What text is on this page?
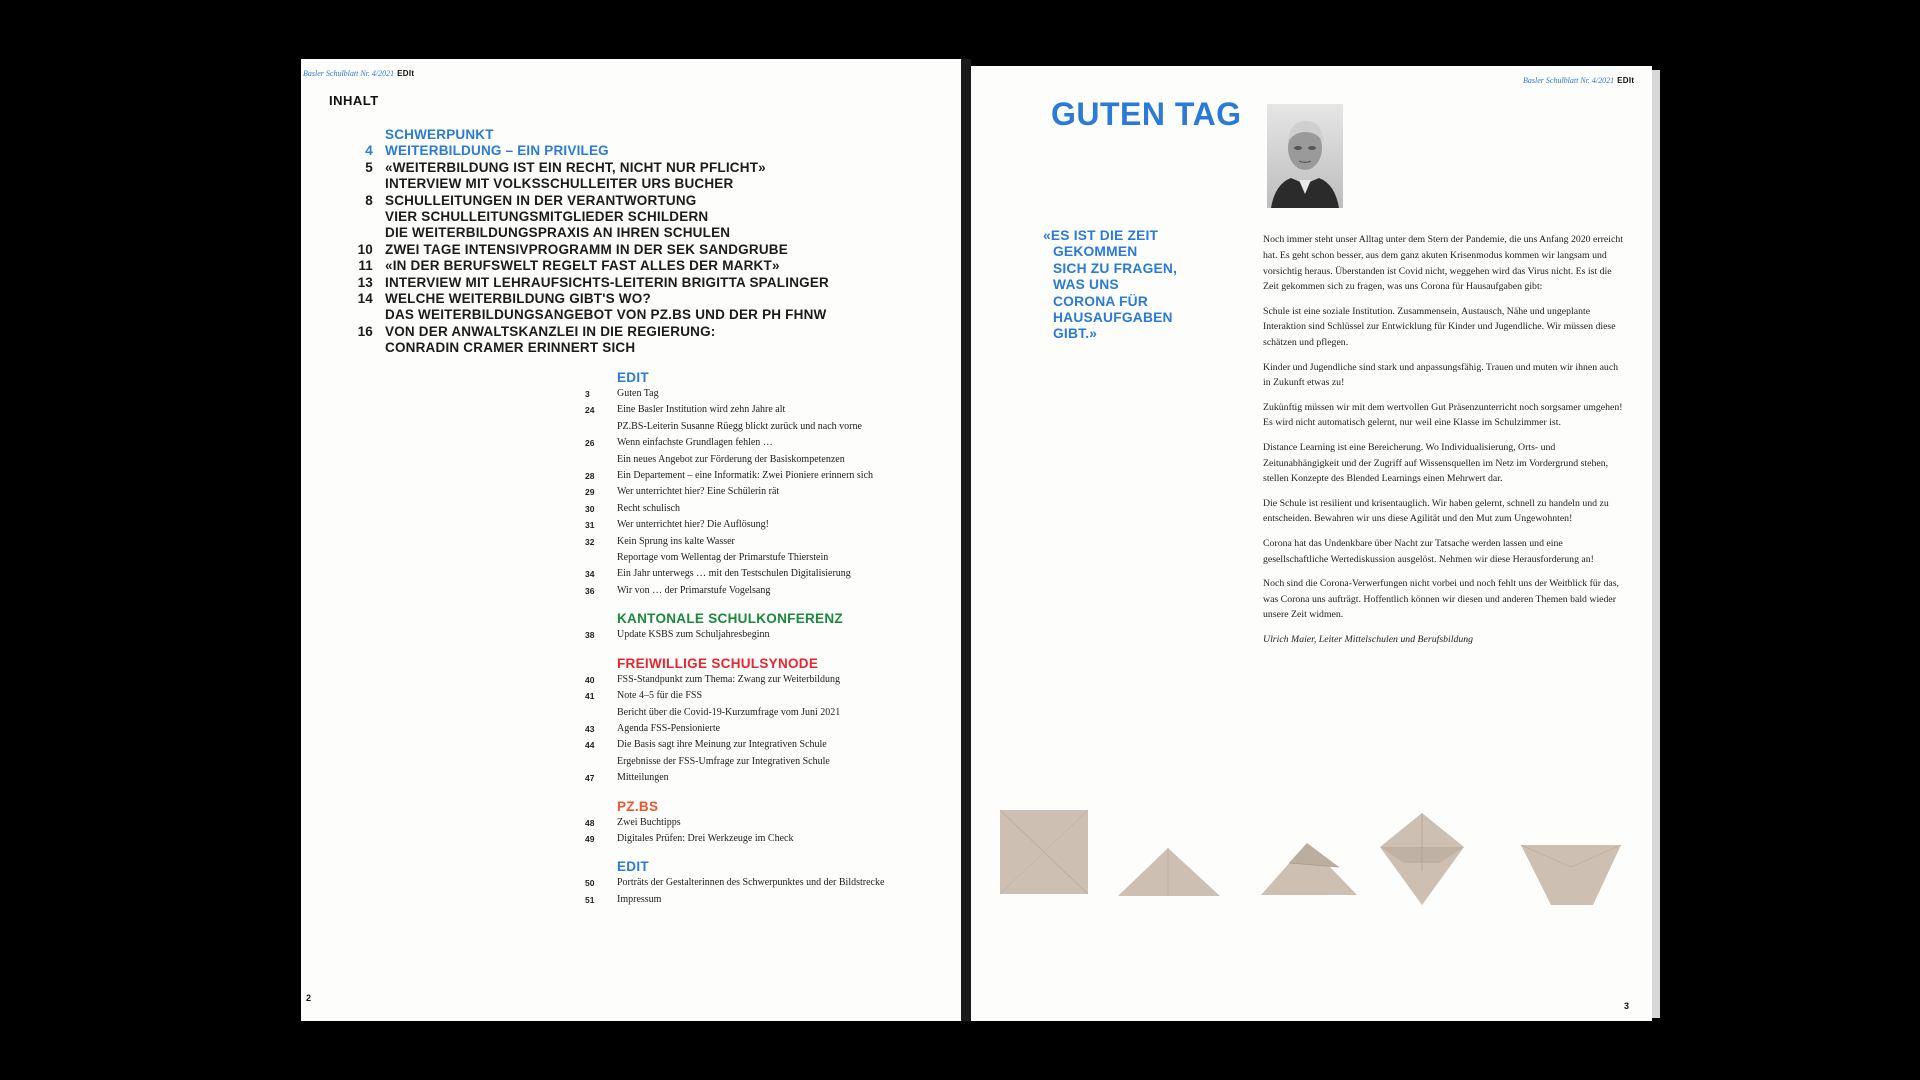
Basler Schulblatt Nr. 4/2021 EDIt
INHALT
SCHWERPUNKT
4 WEITERBILDUNG – EIN PRIVILEG
5 «WEITERBILDUNG IST EIN RECHT, NICHT NUR PFLICHT»
INTERVIEW MIT VOLKSSCHULLEITER URS BUCHER
8 SCHULLEITUNGEN IN DER VERANTWORTUNG
VIER SCHULLEITUNGSMITGLIEDER SCHILDERN
DIE WEITERBILDUNGSPRAXIS AN IHREN SCHULEN
10 ZWEI TAGE INTENSIVPROGRAMM IN DER SEK SANDGRUBE
11 «IN DER BERUFSWELT REGELT FAST ALLES DER MARKT»
13 INTERVIEW MIT LEHRAUFSICHTS-LEITERIN BRIGITTA SPALINGER
14 WELCHE WEITERBILDUNG GIBT'S WO?
DAS WEITERBILDUNGSANGEBOT VON PZ.BS UND DER PH FHNW
16 VON DER ANWALTSKANZLEI IN DIE REGIERUNG:
CONRADIN CRAMER ERINNERT SICH
EDIT
3	Guten Tag
24	Eine Basler Institution wird zehn Jahre alt
PZ.BS-Leiterin Susanne Rüegg blickt zurück und nach vorne
26	Wenn einfachste Grundlagen fehlen …
Ein neues Angebot zur Förderung der Basiskompetenzen
28	Ein Departement – eine Informatik: Zwei Pioniere erinnern sich
29	Wer unterrichtet hier? Eine Schülerin rät
30	Recht schulisch
31	Wer unterrichtet hier? Die Auflösung!
32	Kein Sprung ins kalte Wasser
Reportage vom Wellentag der Primarstufe Thierstein
34	Ein Jahr unterwegs … mit den Testschulen Digitalisierung
36	Wir von … der Primarstufe Vogelsang
KANTONALE SCHULKONFERENZ
38	Update KSBS zum Schuljahresbeginn
FREIWILLIGE SCHULSYNODE
40	FSS-Standpunkt zum Thema: Zwang zur Weiterbildung
41	Note 4–5 für die FSS
Bericht über die Covid-19-Kurzumfrage vom Juni 2021
43	Agenda FSS-Pensionierte
44	Die Basis sagt ihre Meinung zur Integrativen Schule
Ergebnisse der FSS-Umfrage zur Integrativen Schule
47	Mitteilungen
PZ.BS
48	Zwei Buchtipps
49	Digitales Prüfen: Drei Werkzeuge im Check
EDIT
50	Porträts der Gestalterinnen des Schwerpunktes und der Bildstrecke
51	Impressum
2
Basler Schulblatt Nr. 4/2021 EDIt
GUTEN TAG
«ES IST DIE ZEIT
GEKOMMEN
SICH ZU FRAGEN,
WAS UNS
CORONA FÜR
HAUSAUFGABEN
GIBT.»

Noch immer steht unser Alltag unter dem Stern der Pandemie, die uns Anfang 2020 erreicht hat. Es geht schon besser, aus dem ganz akuten Krisenmodus kommen wir langsam und vorsichtig heraus. Überstanden ist Covid nicht, weggehen wird das Virus nicht. Es ist die Zeit gekommen sich zu fragen, was uns Corona für Hausaufgaben gibt:

Schule ist eine soziale Institution. Zusammensein, Austausch, Nähe und ungeplante Interaktion sind Schlüssel zur Entwicklung für Kinder und Jugendliche. Wir müssen diese schätzen und pflegen.

Kinder und Jugendliche sind stark und anpassungsfähig. Trauen und muten wir ihnen auch in Zukunft etwas zu!

Zukünftig müssen wir mit dem wertvollen Gut Präsenzunterricht noch sorgsamer umgehen! Es wird nicht automatisch gelernt, nur weil eine Klasse im Schulzimmer ist.

Distance Learning ist eine Bereicherung. Wo Individualisierung, Orts- und Zeitunabhängigkeit und der Zugriff auf Wissensquellen im Netz im Vordergrund stehen, stellen Konzepte des Blended Learnings einen Mehrwert dar.

Die Schule ist resilient und krisentauglich. Wir haben gelernt, schnell zu handeln und zu entscheiden. Bewahren wir uns diese Agilität und den Mut zum Ungewohnten!

Corona hat das Undenkbare über Nacht zur Tatsache werden lassen und eine gesellschaftliche Wertediskussion ausgelöst. Nehmen wir diese Herausforderung an!

Noch sind die Corona-Verwerfungen nicht vorbei und noch fehlt uns der Weitblick für das, was Corona uns aufträgt. Hoffentlich können wir diesen und anderen Themen bald wieder unsere Zeit widmen.

Ulrich Maier, Leiter Mittelschulen und Berufsbildung

3
